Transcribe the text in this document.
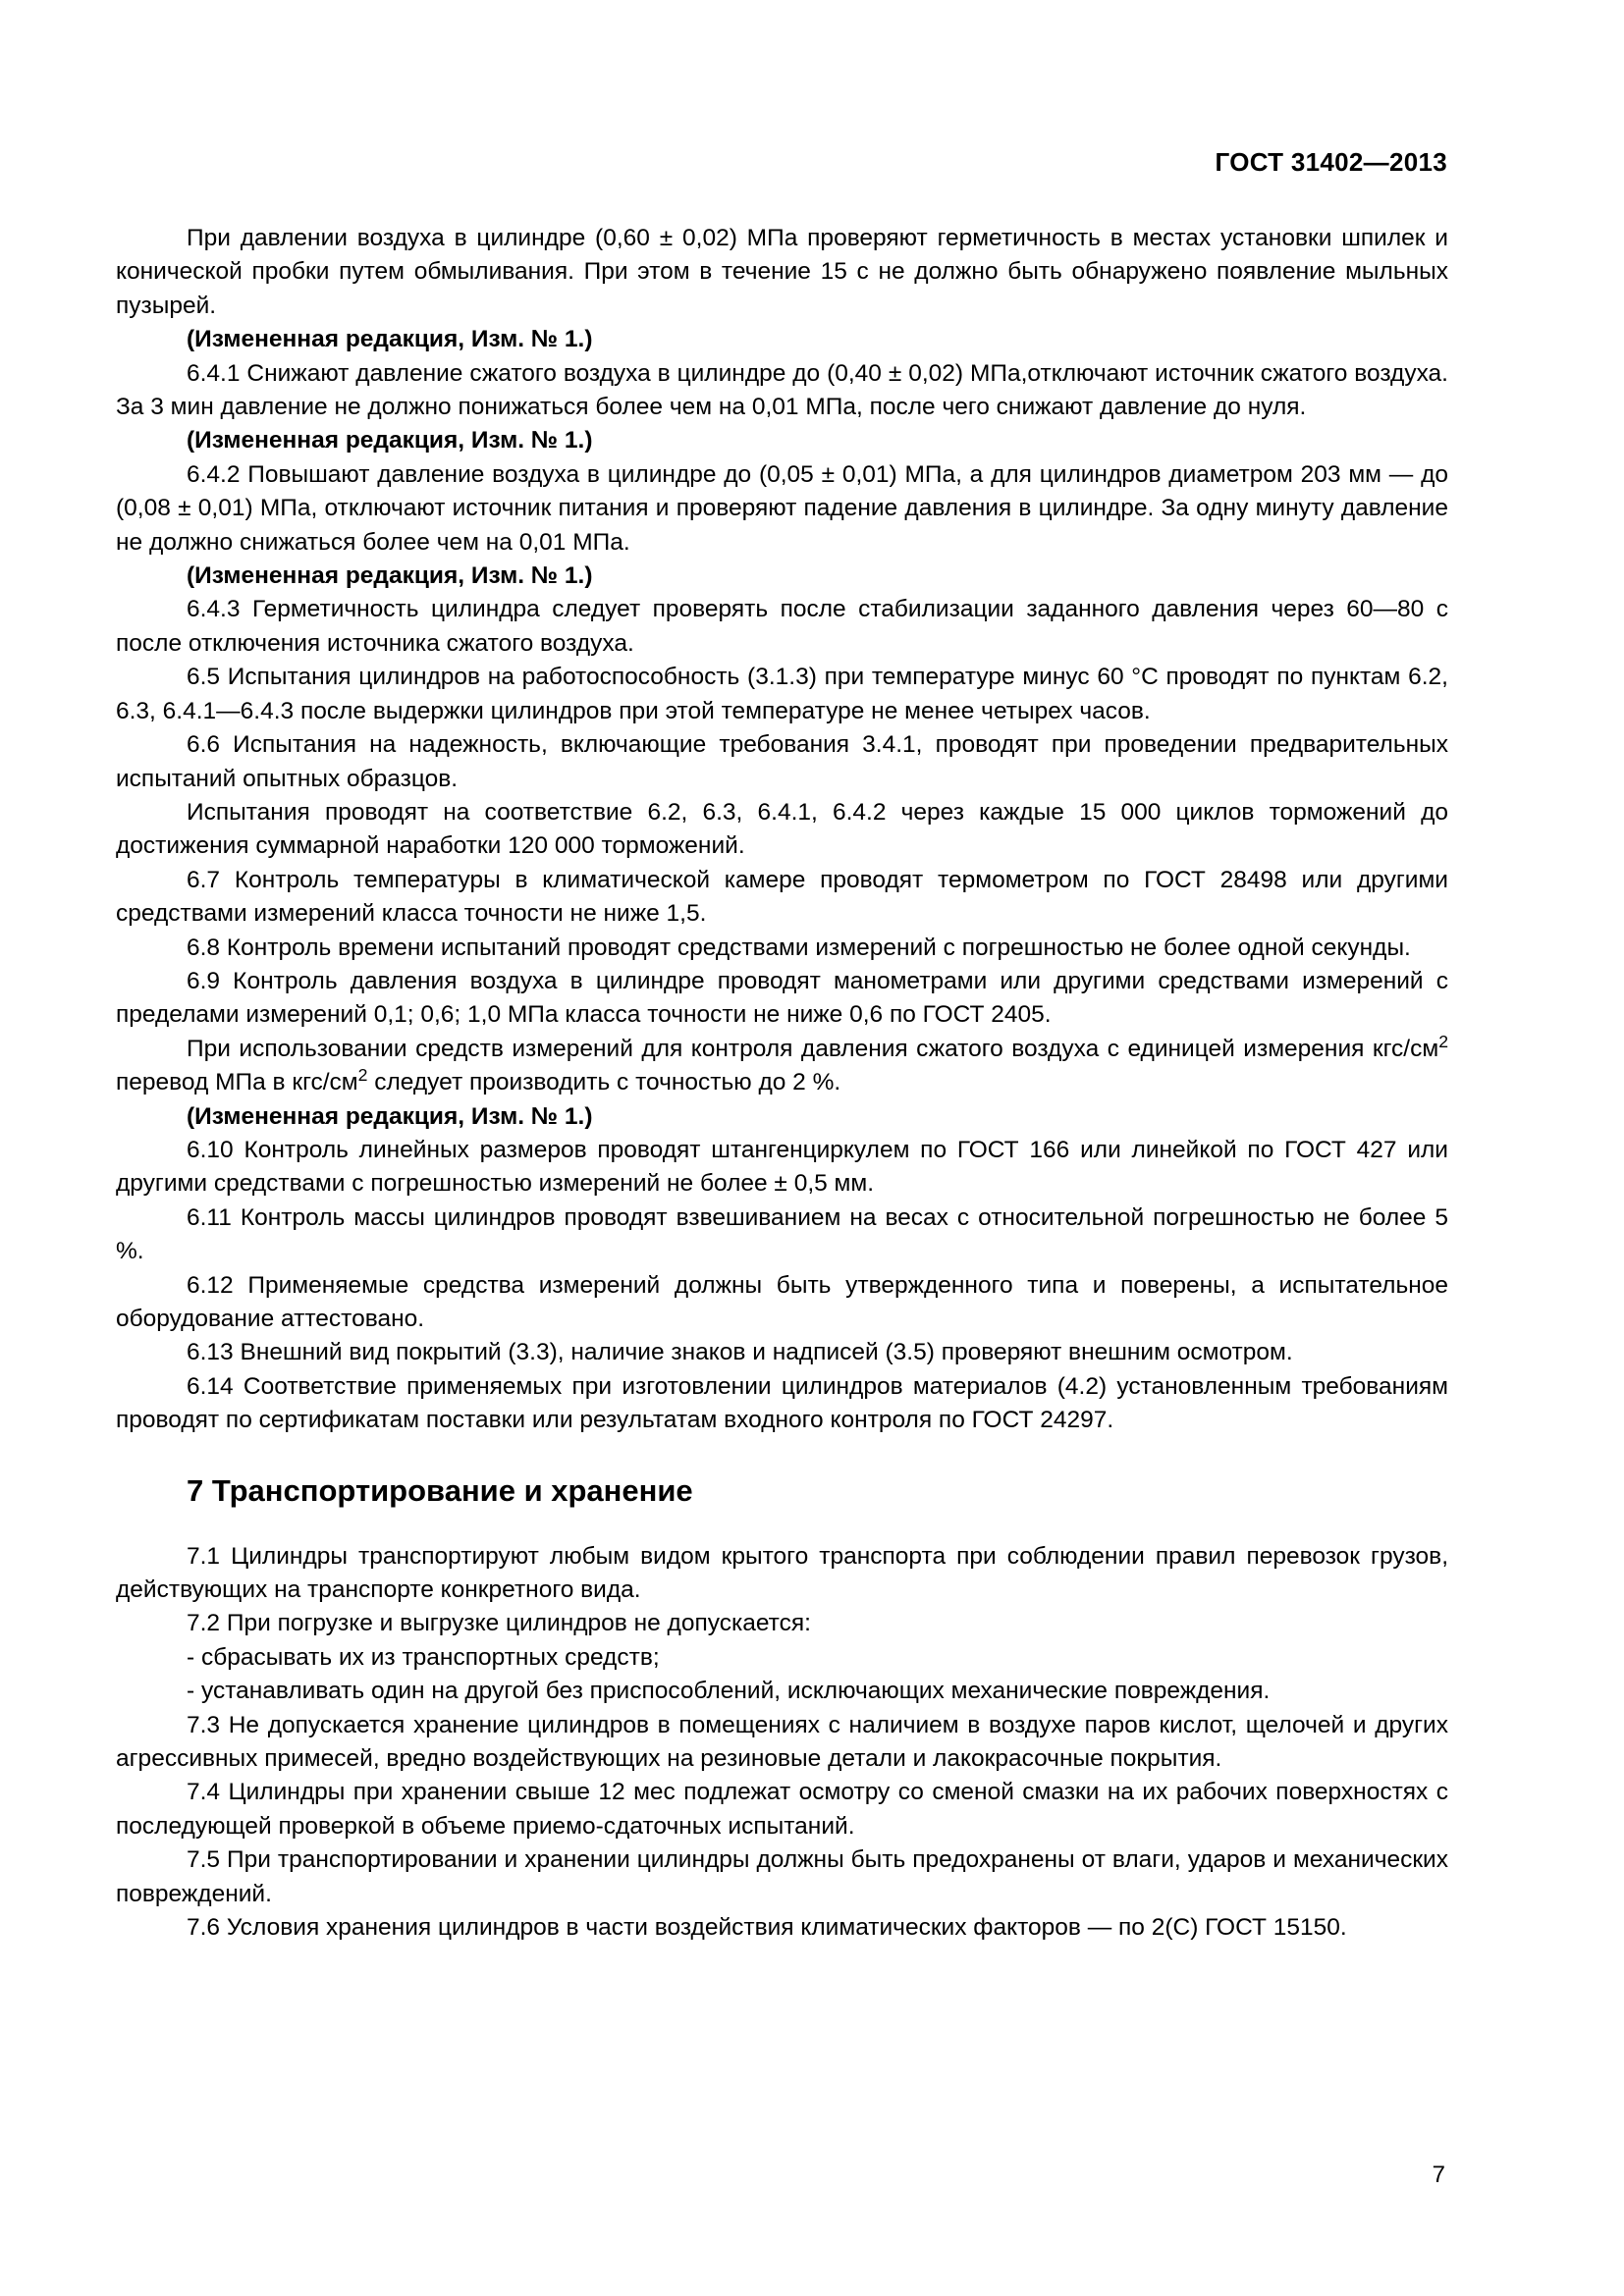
ГОСТ 31402—2013

При давлении воздуха в цилиндре (0,60 ± 0,02) МПа проверяют герметичность в местах установки шпилек и конической пробки путем обмыливания. При этом в течение 15 с не должно быть обнаружено появление мыльных пузырей.

(Измененная редакция, Изм. № 1.)

6.4.1 Снижают давление сжатого воздуха в цилиндре до (0,40 ± 0,02) МПа,отключают источник сжатого воздуха. За 3 мин давление не должно понижаться более чем на 0,01 МПа, после чего снижают давление до нуля.

(Измененная редакция, Изм. № 1.)

6.4.2 Повышают давление воздуха в цилиндре до (0,05 ± 0,01) МПа, а для цилиндров диаметром 203 мм — до (0,08 ± 0,01) МПа, отключают источник питания и проверяют падение давления в цилиндре. За одну минуту давление не должно снижаться более чем на 0,01 МПа.

(Измененная редакция, Изм. № 1.)

6.4.3 Герметичность цилиндра следует проверять после стабилизации заданного давления через 60—80 с после отключения источника сжатого воздуха.

6.5 Испытания цилиндров на работоспособность (3.1.3) при температуре минус 60 °С проводят по пунктам 6.2, 6.3, 6.4.1—6.4.3 после выдержки цилиндров при этой температуре не менее четырех часов.

6.6 Испытания на надежность, включающие требования 3.4.1, проводят при проведении предварительных испытаний опытных образцов.

Испытания проводят на соответствие 6.2, 6.3, 6.4.1, 6.4.2 через каждые 15 000 циклов торможений до достижения суммарной наработки 120 000 торможений.

6.7 Контроль температуры в климатической камере проводят термометром по ГОСТ 28498 или другими средствами измерений класса точности не ниже 1,5.

6.8 Контроль времени испытаний проводят средствами измерений с погрешностью не более одной секунды.

6.9 Контроль давления воздуха в цилиндре проводят манометрами или другими средствами измерений с пределами измерений 0,1; 0,6; 1,0 МПа класса точности не ниже 0,6 по ГОСТ 2405.

При использовании средств измерений для контроля давления сжатого воздуха с единицей измерения кгс/$см^2$ перевод МПа в кгс/$см^2$ следует производить с точностью до 2 %.

(Измененная редакция, Изм. № 1.)

6.10 Контроль линейных размеров проводят штангенциркулем по ГОСТ 166 или линейкой по ГОСТ 427 или другими средствами с погрешностью измерений не более ± 0,5 мм.

6.11 Контроль массы цилиндров проводят взвешиванием на весах с относительной погрешностью не более 5 %.

6.12 Применяемые средства измерений должны быть утвержденного типа и поверены, а испытательное оборудование аттестовано.

6.13 Внешний вид покрытий (3.3), наличие знаков и надписей (3.5) проверяют внешним осмотром.

6.14 Соответствие применяемых при изготовлении цилиндров материалов (4.2) установленным требованиям проводят по сертификатам поставки или результатам входного контроля по ГОСТ 24297.

7 Транспортирование и хранение

7.1 Цилиндры транспортируют любым видом крытого транспорта при соблюдении правил перевозок грузов, действующих на транспорте конкретного вида.

7.2 При погрузке и выгрузке цилиндров не допускается:

- сбрасывать их из транспортных средств;

- устанавливать один на другой без приспособлений, исключающих механические повреждения.

7.3 Не допускается хранение цилиндров в помещениях с наличием в воздухе паров кислот, щелочей и других агрессивных примесей, вредно воздействующих на резиновые детали и лакокрасочные покрытия.

7.4 Цилиндры при хранении свыше 12 мес подлежат осмотру со сменой смазки на их рабочих поверхностях с последующей проверкой в объеме приемо-сдаточных испытаний.

7.5 При транспортировании и хранении цилиндры должны быть предохранены от влаги, ударов и механических повреждений.

7.6 Условия хранения цилиндров в части воздействия климатических факторов — по 2(С) ГОСТ 15150.

7
